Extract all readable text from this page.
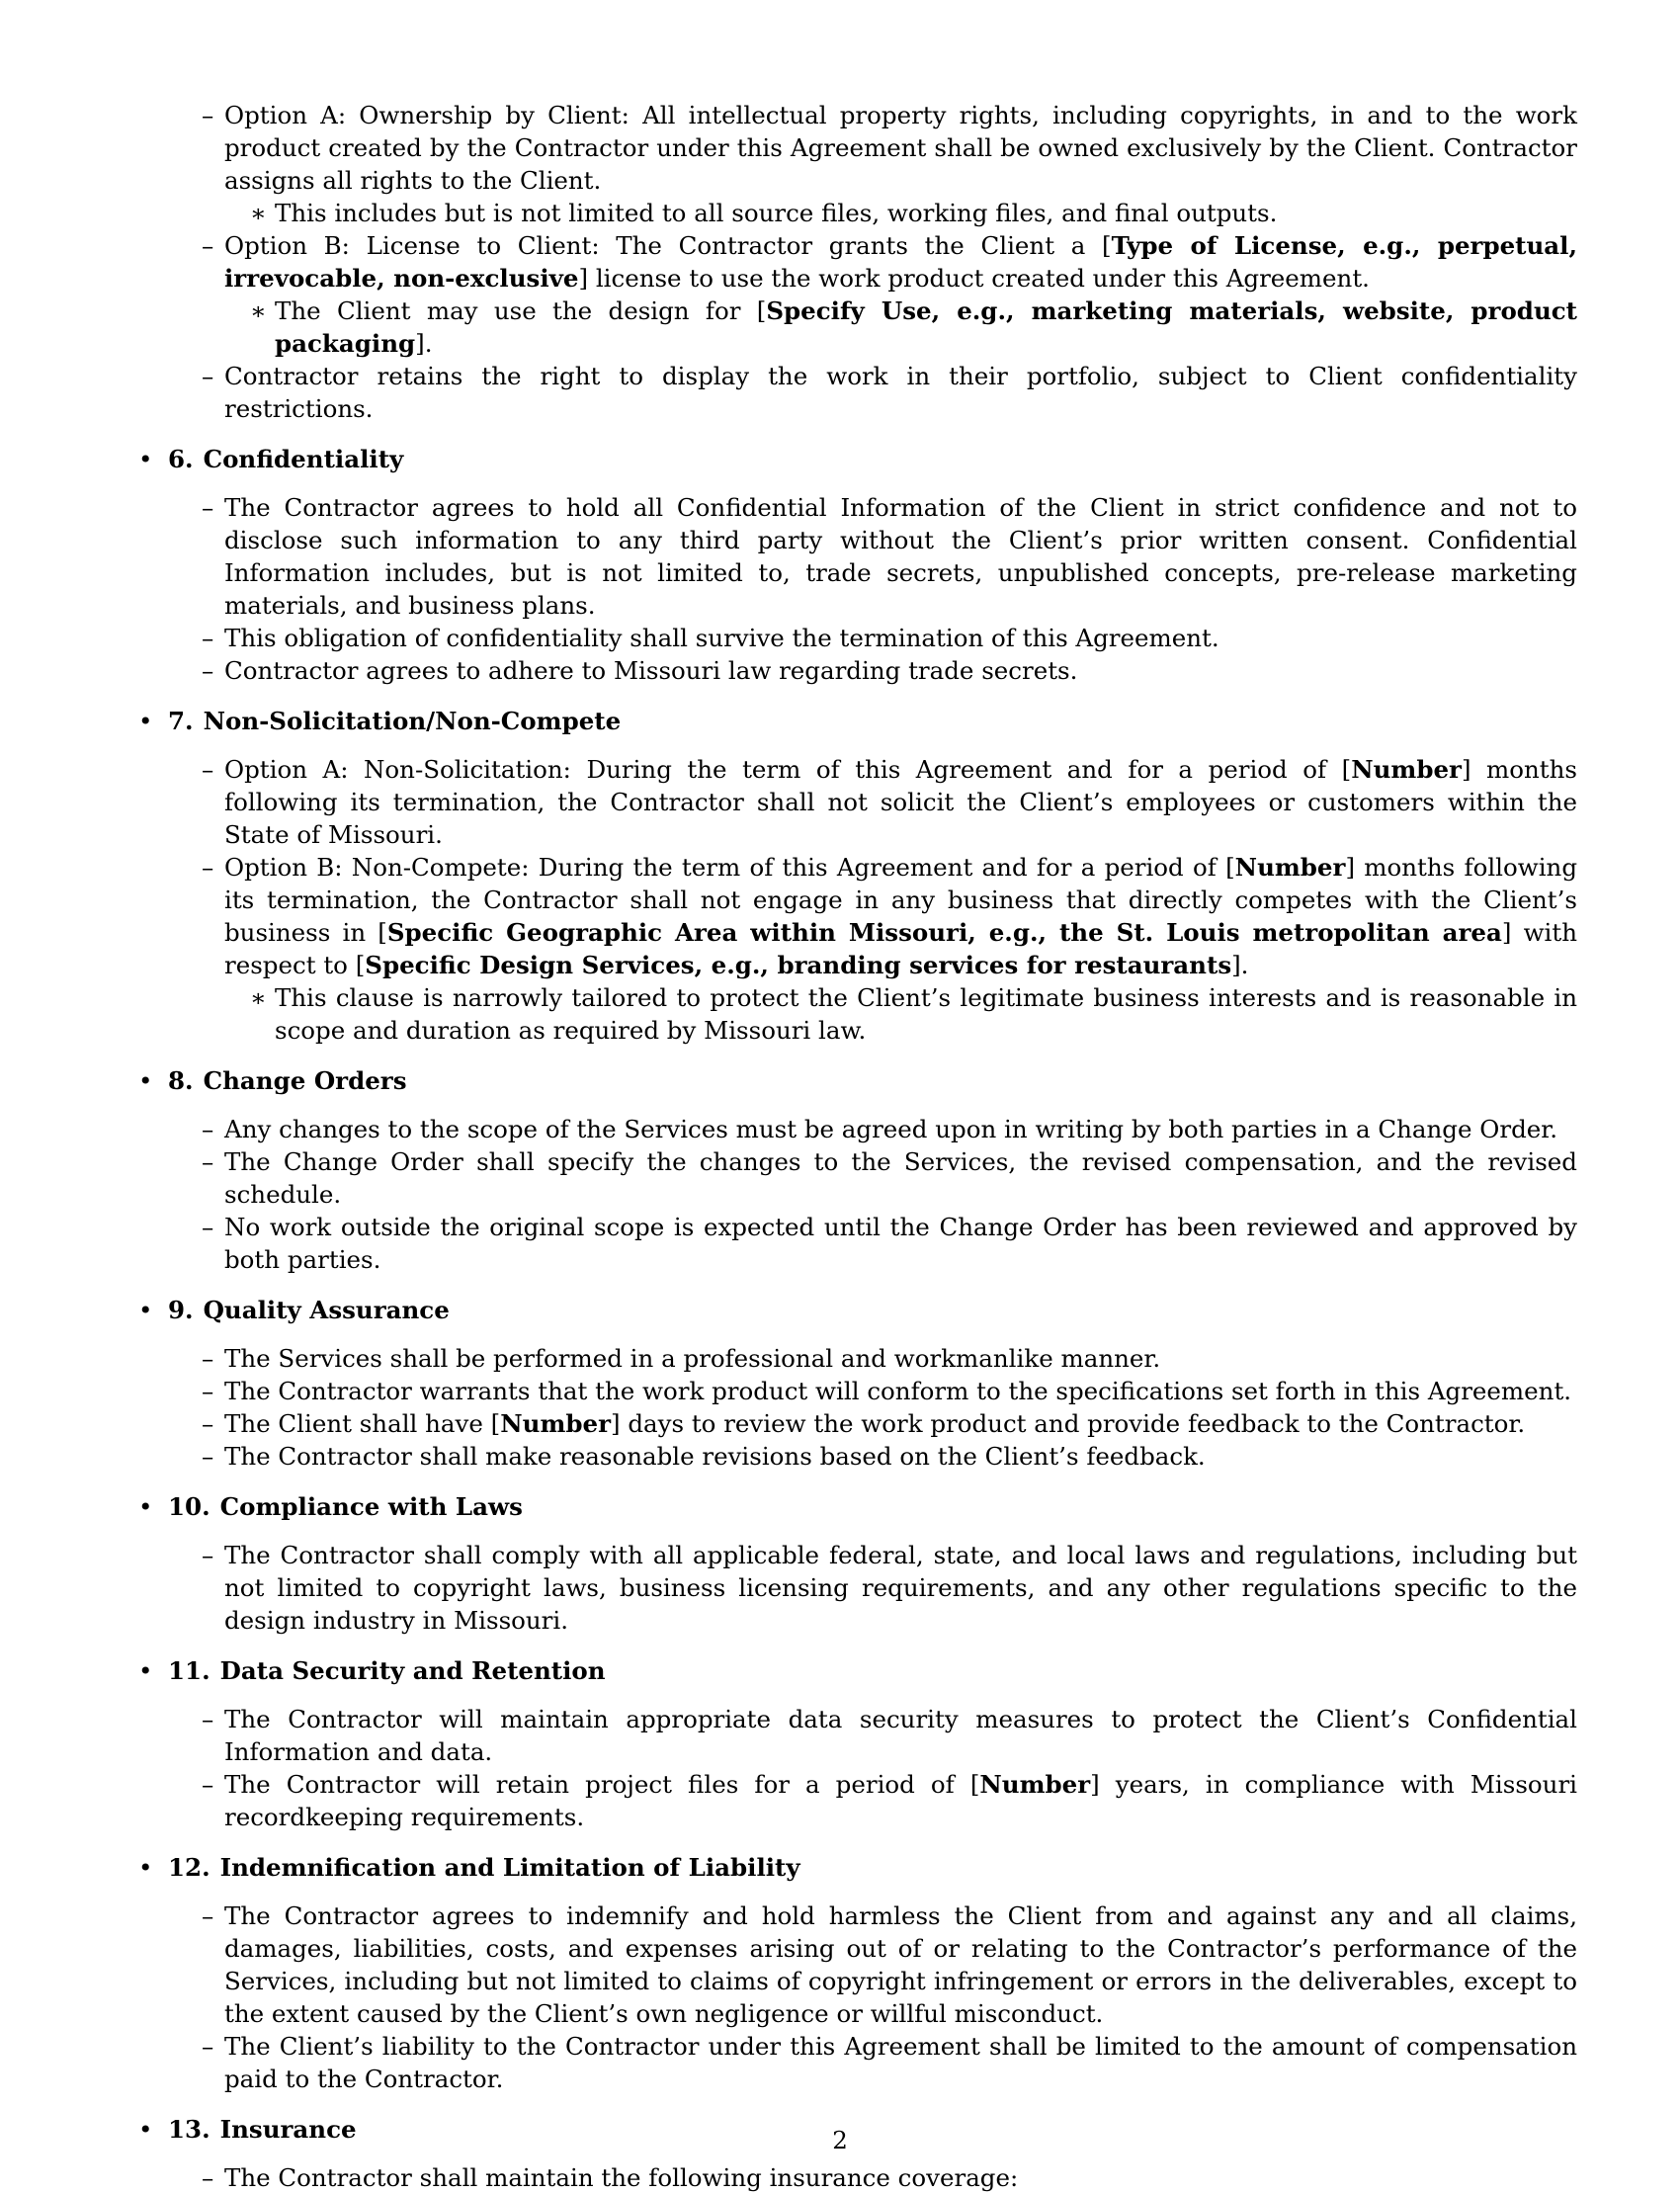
– Option A: Ownership by Client: All intellectual property rights, including copyrights, in and to the work product created by the Contractor under this Agreement shall be owned exclusively by the Client. Contractor assigns all rights to the Client.
∗ This includes but is not limited to all source files, working files, and final outputs.
– Option B: License to Client: The Contractor grants the Client a [Type of License, e.g., perpetual, irrevocable, non-exclusive] license to use the work product created under this Agreement.
∗ The Client may use the design for [Specify Use, e.g., marketing materials, website, product packaging].
– Contractor retains the right to display the work in their portfolio, subject to Client confidentiality restrictions.
• 6. Confidentiality
– The Contractor agrees to hold all Confidential Information of the Client in strict confidence and not to disclose such information to any third party without the Client’s prior written consent. Confidential Information includes, but is not limited to, trade secrets, unpublished concepts, pre-release marketing materials, and business plans.
– This obligation of confidentiality shall survive the termination of this Agreement.
– Contractor agrees to adhere to Missouri law regarding trade secrets.
• 7. Non-Solicitation/Non-Compete
– Option A: Non-Solicitation: During the term of this Agreement and for a period of [Number] months following its termination, the Contractor shall not solicit the Client’s employees or customers within the State of Missouri.
– Option B: Non-Compete: During the term of this Agreement and for a period of [Number] months following its termination, the Contractor shall not engage in any business that directly competes with the Client’s business in [Specific Geographic Area within Missouri, e.g., the St. Louis metropolitan area] with respect to [Specific Design Services, e.g., branding services for restaurants].
∗ This clause is narrowly tailored to protect the Client’s legitimate business interests and is reasonable in scope and duration as required by Missouri law.
• 8. Change Orders
– Any changes to the scope of the Services must be agreed upon in writing by both parties in a Change Order.
– The Change Order shall specify the changes to the Services, the revised compensation, and the revised schedule.
– No work outside the original scope is expected until the Change Order has been reviewed and approved by both parties.
• 9. Quality Assurance
– The Services shall be performed in a professional and workmanlike manner.
– The Contractor warrants that the work product will conform to the specifications set forth in this Agreement.
– The Client shall have [Number] days to review the work product and provide feedback to the Contractor.
– The Contractor shall make reasonable revisions based on the Client’s feedback.
• 10. Compliance with Laws
– The Contractor shall comply with all applicable federal, state, and local laws and regulations, including but not limited to copyright laws, business licensing requirements, and any other regulations specific to the design industry in Missouri.
• 11. Data Security and Retention
– The Contractor will maintain appropriate data security measures to protect the Client’s Confidential Information and data.
– The Contractor will retain project files for a period of [Number] years, in compliance with Missouri recordkeeping requirements.
• 12. Indemnification and Limitation of Liability
– The Contractor agrees to indemnify and hold harmless the Client from and against any and all claims, damages, liabilities, costs, and expenses arising out of or relating to the Contractor’s performance of the Services, including but not limited to claims of copyright infringement or errors in the deliverables, except to the extent caused by the Client’s own negligence or willful misconduct.
– The Client’s liability to the Contractor under this Agreement shall be limited to the amount of compensation paid to the Contractor.
• 13. Insurance
– The Contractor shall maintain the following insurance coverage:
2
